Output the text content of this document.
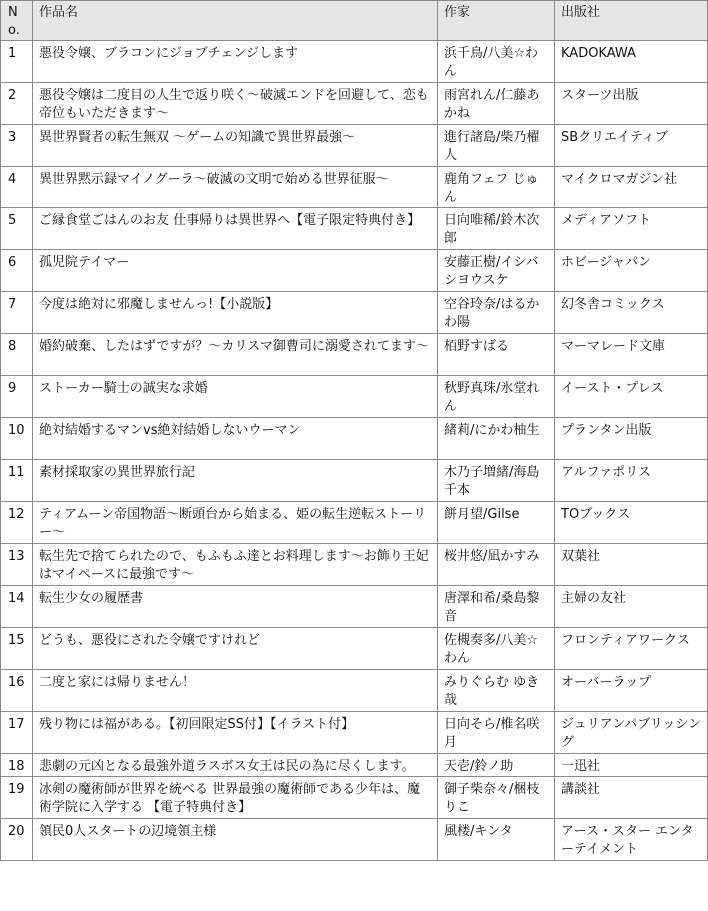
No.	作品名	作家	出版社
1	悪役令嬢、ブラコンにジョブチェンジします	浜千鳥/八美☆わん	KADOKAWA
2	悪役令嬢は二度目の人生で返り咲く～破滅エンドを回避して、恋も帝位もいただきます～	雨宮れん/仁藤あかね	スターツ出版
3	異世界賢者の転生無双 ～ゲームの知識で異世界最強～	進行諸島/柴乃櫂人	SBクリエイティブ
4	異世界黙示録マイノグーラ～破滅の文明で始める世界征服～	鹿角フェフ じゅん	マイクロマガジン社
5	ご縁食堂ごはんのお友 仕事帰りは異世界へ【電子限定特典付き】	日向唯稀/鈴木次郎	メディアソフト
6	孤児院テイマー	安藤正樹/イシバシヨウスケ	ホビージャパン
7	今度は絶対に邪魔しませんっ!【小説版】	空谷玲奈/はるかわ陽	幻冬舎コミックス
8	婚約破棄、したはずですが？～カリスマ御曹司に溺愛されてます～	栢野すばる	マーマレード文庫
9	ストーカー騎士の誠実な求婚	秋野真珠/氷堂れん	イースト・プレス
10	絶対結婚するマンvs絶対結婚しないウーマン	緒莉/にかわ柚生	プランタン出版
11	素材採取家の異世界旅行記	木乃子増緒/海島千本	アルファポリス
12	ティアムーン帝国物語～断頭台から始まる、姫の転生逆転ストーリー～	餅月望/Gilse	TOブックス
13	転生先で捨てられたので、もふもふ達とお料理します～お飾り王妃はマイペースに最強です～	桜井悠/凪かすみ	双葉社
14	転生少女の履歴書	唐澤和希/桑島黎音	主婦の友社
15	どうも、悪役にされた令嬢ですけれど	佐槻奏多/八美☆わん	フロンティアワークス
16	二度と家には帰りません！	みりぐらむ ゆき哉	オーバーラップ
17	残り物には福がある。【初回限定SS付】【イラスト付】	日向そら/椎名咲月	ジュリアンパブリッシング
18	悲劇の元凶となる最強外道ラスボス女王は民の為に尽くします。	天壱/鈴ノ助	一迅社
19	冰剣の魔術師が世界を統べる 世界最強の魔術師である少年は、魔術学院に入学する 【電子特典付き】	御子柴奈々/梱枝りこ	講談社
20	領民0人スタートの辺境領主様	風楼/キンタ	アース・スター エンターテイメント
